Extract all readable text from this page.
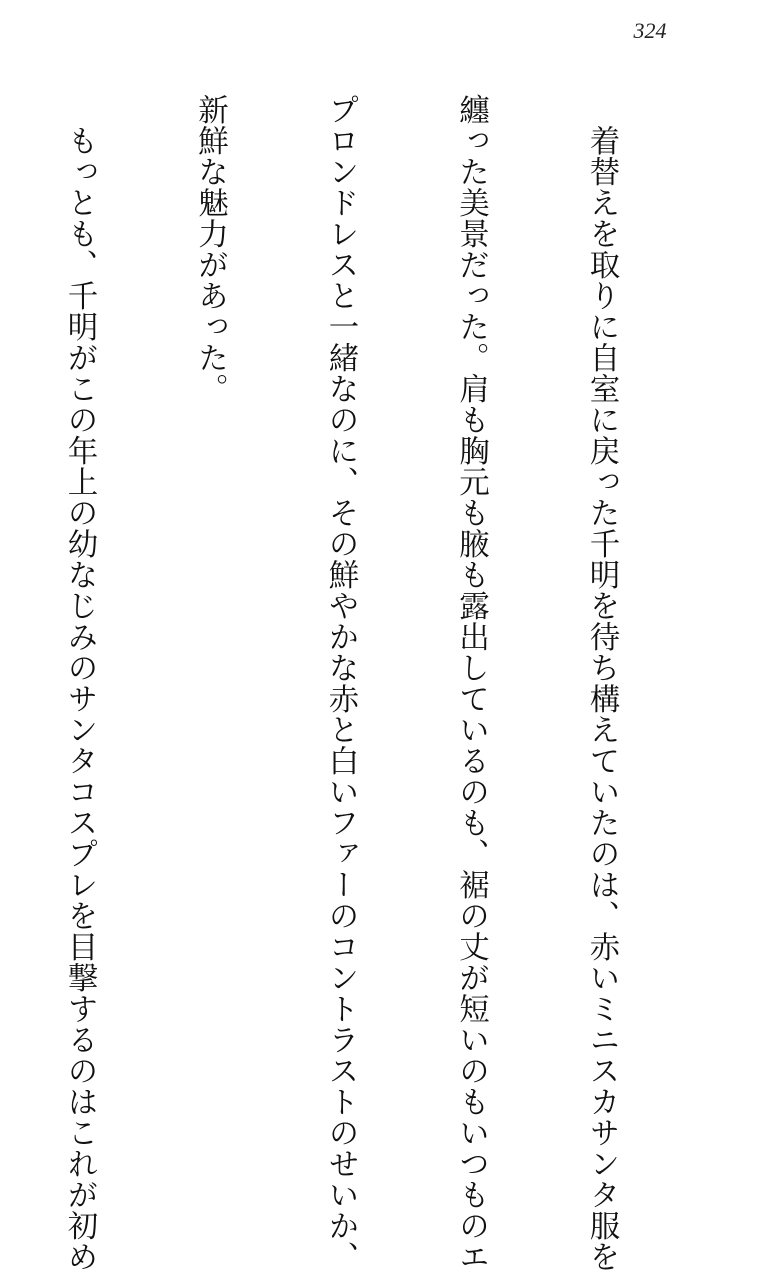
324

　着替えを取りに自室に戻った千明を待ち構えていたのは、赤いミニスカサンタ服を

纏った美景だった。肩も胸元も腋も露出しているのも、裾の丈が短いのもいつものエ

プロンドレスと一緒なのに、その鮮やかな赤と白いファーのコントラストのせいか、

新鮮な魅力があった。

　もっとも、千明がこの年上の幼なじみのサンタコスプレを目撃するのはこれが初め
